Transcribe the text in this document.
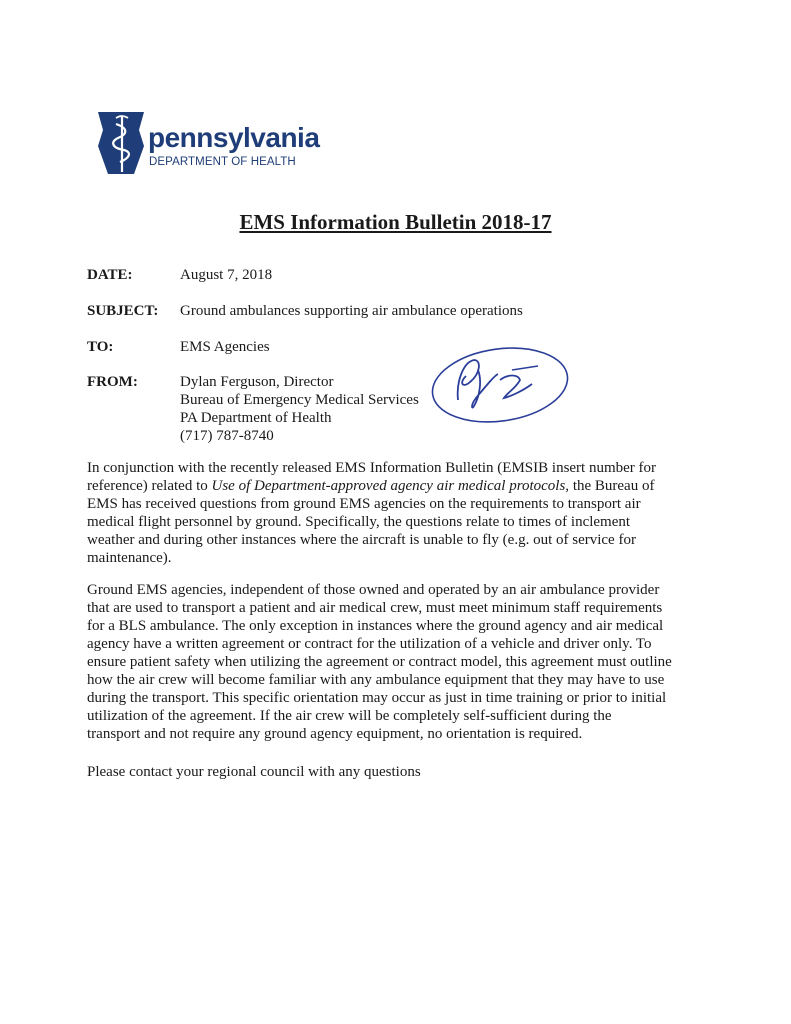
pennsylvania
DEPARTMENT OF HEALTH
EMS Information Bulletin 2018-17
DATE:	August 7, 2018
SUBJECT: Ground ambulances supporting air ambulance operations
TO:	EMS Agencies
FROM:	Dylan Ferguson, Director
Bureau of Emergency Medical Services
PA Department of Health
(717) 787-8740
In conjunction with the recently released EMS Information Bulletin (EMSIB insert number for
reference) related to Use of Department-approved agency air medical protocols, the Bureau of
EMS has received questions from ground EMS agencies on the requirements to transport air
medical flight personnel by ground. Specifically, the questions relate to times of inclement
weather and during other instances where the aircraft is unable to fly (e.g. out of service for
maintenance).
Ground EMS agencies, independent of those owned and operated by an air ambulance provider
that are used to transport a patient and air medical crew, must meet minimum staff requirements
for a BLS ambulance. The only exception in instances where the ground agency and air medical
agency have a written agreement or contract for the utilization of a vehicle and driver only. To
ensure patient safety when utilizing the agreement or contract model, this agreement must outline
how the air crew will become familiar with any ambulance equipment that they may have to use
during the transport. This specific orientation may occur as just in time training or prior to initial
utilization of the agreement. If the air crew will be completely self-sufficient during the
transport and not require any ground agency equipment, no orientation is required.
Please contact your regional council with any questions
